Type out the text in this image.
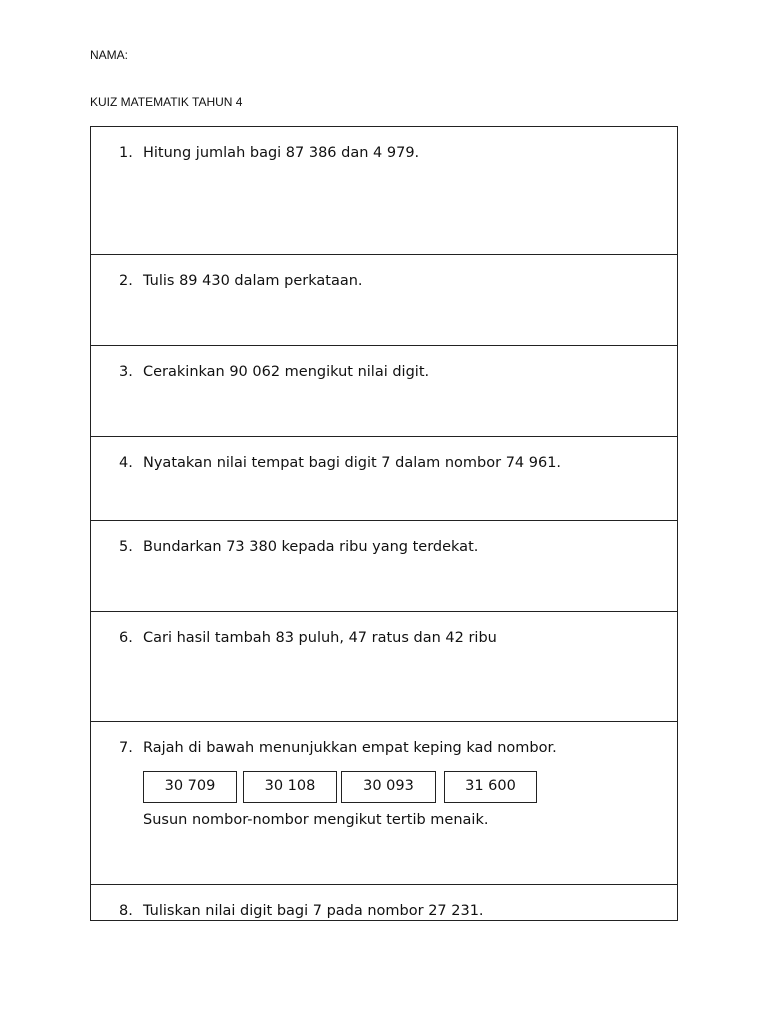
NAMA:
KUIZ MATEMATIK TAHUN 4
1. Hitung jumlah bagi 87 386 dan 4 979.
2. Tulis 89 430 dalam perkataan.
3. Cerakinkan 90 062 mengikut nilai digit.
4. Nyatakan nilai tempat bagi digit 7 dalam nombor 74 961.
5. Bundarkan 73 380 kepada ribu yang terdekat.
6. Cari hasil tambah 83 puluh, 47 ratus dan 42 ribu
7. Rajah di bawah menunjukkan empat keping kad nombor.
30 709	30 108	30 093	31 600
Susun nombor-nombor mengikut tertib menaik.
8. Tuliskan nilai digit bagi 7 pada nombor 27 231.
